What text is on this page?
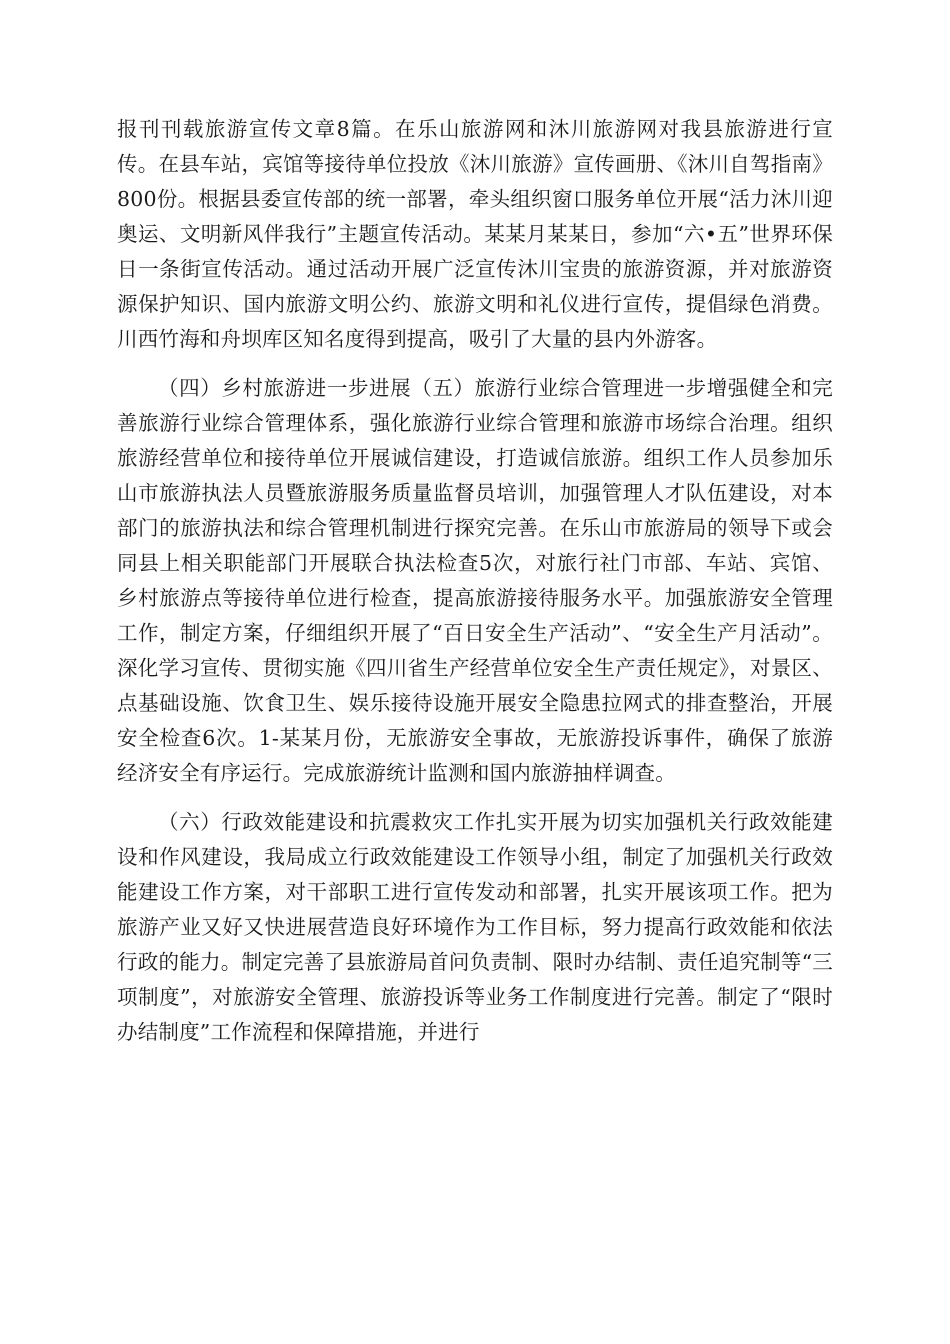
报刊刊载旅游宣传文章8篇。在乐山旅游网和沐川旅游网对我县旅游进行宣传。在县车站，宾馆等接待单位投放《沐川旅游》宣传画册、《沐川自驾指南》800份。根据县委宣传部的统一部署，牵头组织窗口服务单位开展“活力沐川迎奥运、文明新风伴我行”主题宣传活动。某某月某某日，参加“六•五”世界环保日一条街宣传活动。通过活动开展广泛宣传沐川宝贵的旅游资源，并对旅游资源保护知识、国内旅游文明公约、旅游文明和礼仪进行宣传，提倡绿色消费。川西竹海和舟坝库区知名度得到提高，吸引了大量的县内外游客。

（四）乡村旅游进一步进展（五）旅游行业综合管理进一步增强健全和完善旅游行业综合管理体系，强化旅游行业综合管理和旅游市场综合治理。组织旅游经营单位和接待单位开展诚信建设，打造诚信旅游。组织工作人员参加乐山市旅游执法人员暨旅游服务质量监督员培训，加强管理人才队伍建设，对本部门的旅游执法和综合管理机制进行探究完善。在乐山市旅游局的领导下或会同县上相关职能部门开展联合执法检查5次，对旅行社门市部、车站、宾馆、乡村旅游点等接待单位进行检查，提高旅游接待服务水平。加强旅游安全管理工作，制定方案，仔细组织开展了“百日安全生产活动”、“安全生产月活动”。深化学习宣传、贯彻实施《四川省生产经营单位安全生产责任规定》，对景区、点基础设施、饮食卫生、娱乐接待设施开展安全隐患拉网式的排查整治，开展安全检查6次。1-某某月份，无旅游安全事故，无旅游投诉事件，确保了旅游经济安全有序运行。完成旅游统计监测和国内旅游抽样调查。

（六）行政效能建设和抗震救灾工作扎实开展为切实加强机关行政效能建设和作风建设，我局成立行政效能建设工作领导小组，制定了加强机关行政效能建设工作方案，对干部职工进行宣传发动和部署，扎实开展该项工作。把为旅游产业又好又快进展营造良好环境作为工作目标，努力提高行政效能和依法行政的能力。制定完善了县旅游局首问负责制、限时办结制、责任追究制等“三项制度”，对旅游安全管理、旅游投诉等业务工作制度进行完善。制定了“限时办结制度”工作流程和保障措施，并进行
